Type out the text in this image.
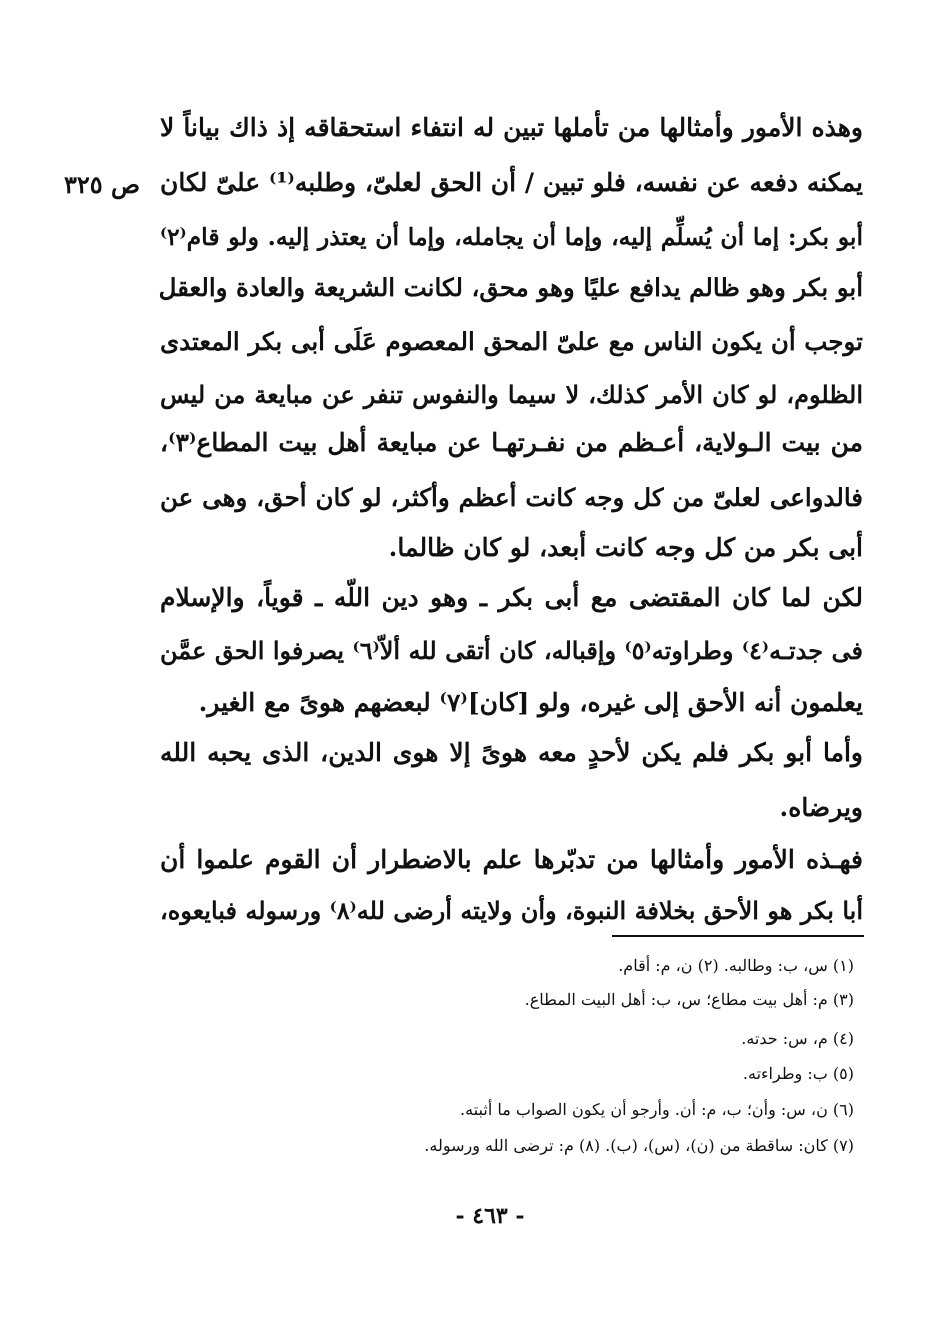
ص ٣٢٥
وهذه الأمور وأمثالها من تأملها تبين له انتفاء استحقاقه إذ ذاك بياناً لا
يمكنه دفعه عن نفسه، فلو تبين / أن الحق لعلىّ، وطلبه⁽¹⁾ علىّ لكان
أبو بكر: إما أن يُسلِّم إليه، وإما أن يجامله، وإما أن يعتذر إليه. ولو قام⁽٢⁾
أبو بكر وهو ظالم يدافع عليًا وهو محق، لكانت الشريعة والعادة والعقل
توجب أن يكون الناس مع علىّ المحق المعصوم عَلَى أبى بكر المعتدى
الظلوم، لو كان الأمر كذلك، لا سيما والنفوس تنفر عن مبايعة من ليس
من بيت الـولاية، أعـظم من نفـرتهـا عن مبايعة أهل بيت المطاع⁽٣⁾،
فالدواعى لعلىّ من كل وجه كانت أعظم وأكثر، لو كان أحق، وهى عن
أبى بكر من كل وجه كانت أبعد، لو كان ظالما.
لكن لما كان المقتضى مع أبى بكر ـ وهو دين اللّه ـ قوياً، والإسلام
فى جدتـه⁽٤⁾ وطراوته⁽٥⁾ وإقباله، كان أتقى لله ألاّ⁽٦⁾ يصرفوا الحق عمَّن
يعلمون أنه الأحق إلى غيره، ولو [كان]⁽٧⁾ لبعضهم هوىً مع الغير.
وأما أبو بكر فلم يكن لأحدٍ معه هوىً إلا هوى الدين، الذى يحبه الله
ويرضاه.
فهـذه الأمور وأمثالها من تدبّرها علم بالاضطرار أن القوم علموا أن
أبا بكر هو الأحق بخلافة النبوة، وأن ولايته أرضى لله⁽٨⁾ ورسوله فبايعوه،
(١) س، ب: وطالبه. (٢) ن، م: أقام.
(٣) م: أهل بيت مطاع؛ س، ب: أهل البيت المطاع.
(٤) م، س: حدته.
(٥) ب: وطراءته.
(٦) ن، س: وأن؛ ب، م: أن. وأرجو أن يكون الصواب ما أثبته.
(٧) كان: ساقطة من (ن)، (س)، (ب). (٨) م: ترضى الله ورسوله.
- ٤٦٣ -
